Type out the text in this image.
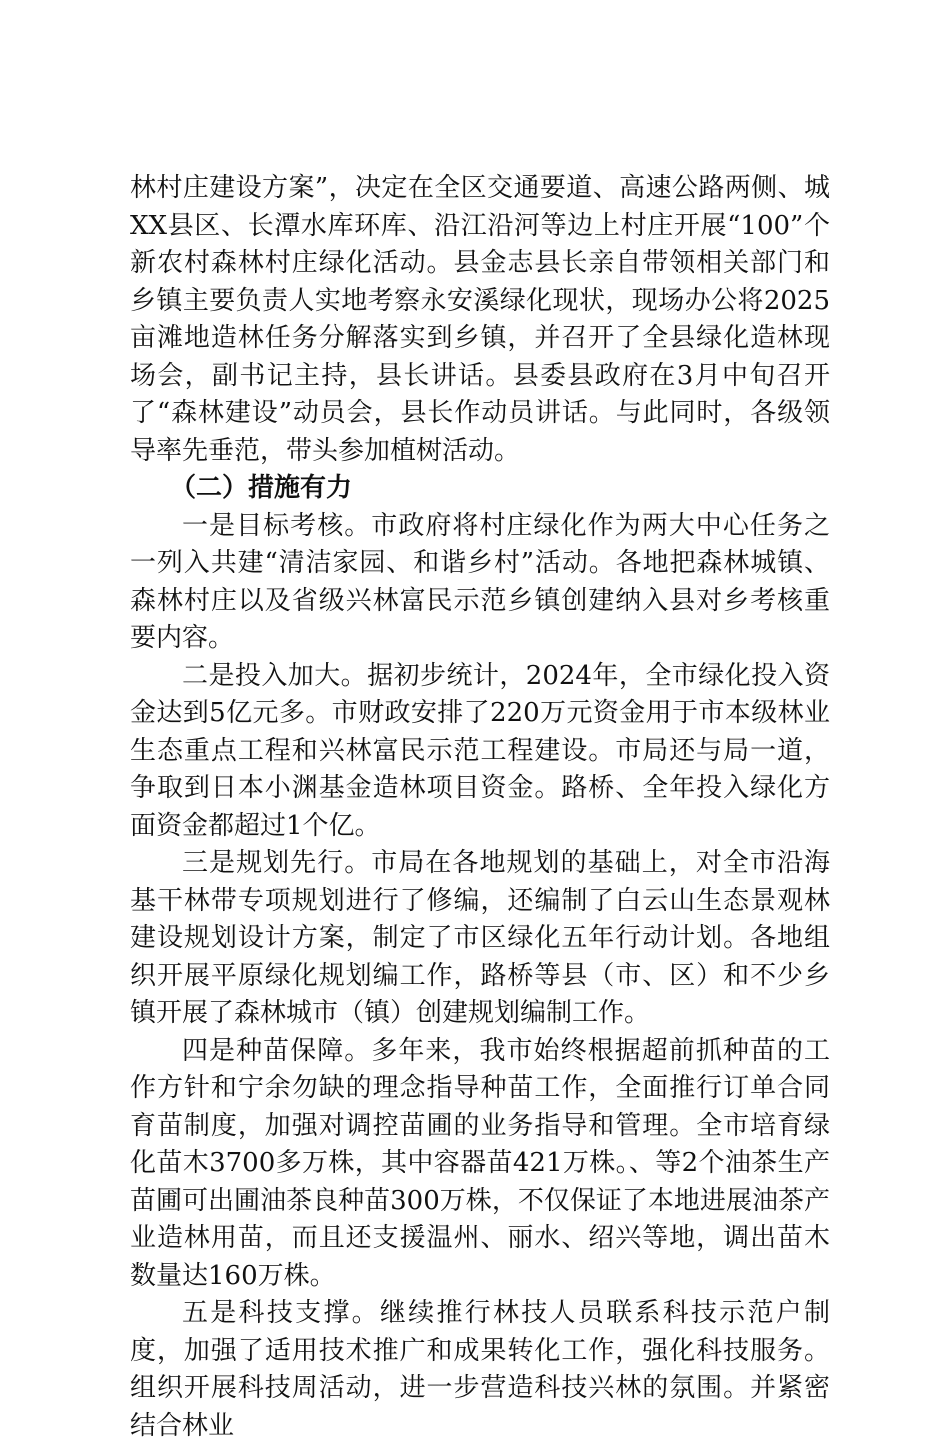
林村庄建设方案”，决定在全区交通要道、高速公路两侧、城XX县区、长潭水库环库、沿江沿河等边上村庄开展“100”个新农村森林村庄绿化活动。县金志县长亲自带领相关部门和乡镇主要负责人实地考察永安溪绿化现状，现场办公将2025亩滩地造林任务分解落实到乡镇，并召开了全县绿化造林现场会，副书记主持，县长讲话。县委县政府在3月中旬召开了“森林建设”动员会，县长作动员讲话。与此同时，各级领导率先垂范，带头参加植树活动。

（二）措施有力

一是目标考核。市政府将村庄绿化作为两大中心任务之一列入共建“清洁家园、和谐乡村”活动。各地把森林城镇、森林村庄以及省级兴林富民示范乡镇创建纳入县对乡考核重要内容。

二是投入加大。据初步统计，2024年，全市绿化投入资金达到5亿元多。市财政安排了220万元资金用于市本级林业生态重点工程和兴林富民示范工程建设。市局还与局一道，争取到日本小渊基金造林项目资金。路桥、全年投入绿化方面资金都超过1个亿。

三是规划先行。市局在各地规划的基础上，对全市沿海基干林带专项规划进行了修编，还编制了白云山生态景观林建设规划设计方案，制定了市区绿化五年行动计划。各地组织开展平原绿化规划编工作，路桥等县（市、区）和不少乡镇开展了森林城市（镇）创建规划编制工作。

四是种苗保障。多年来，我市始终根据超前抓种苗的工作方针和宁余勿缺的理念指导种苗工作，全面推行订单合同育苗制度，加强对调控苗圃的业务指导和管理。全市培育绿化苗木3700多万株，其中容器苗421万株。、等2个油茶生产苗圃可出圃油茶良种苗300万株，不仅保证了本地进展油茶产业造林用苗，而且还支援温州、丽水、绍兴等地，调出苗木数量达160万株。

五是科技支撑。继续推行林技人员联系科技示范户制度，加强了适用技术推广和成果转化工作，强化科技服务。组织开展科技周活动，进一步营造科技兴林的氛围。并紧密结合林业
